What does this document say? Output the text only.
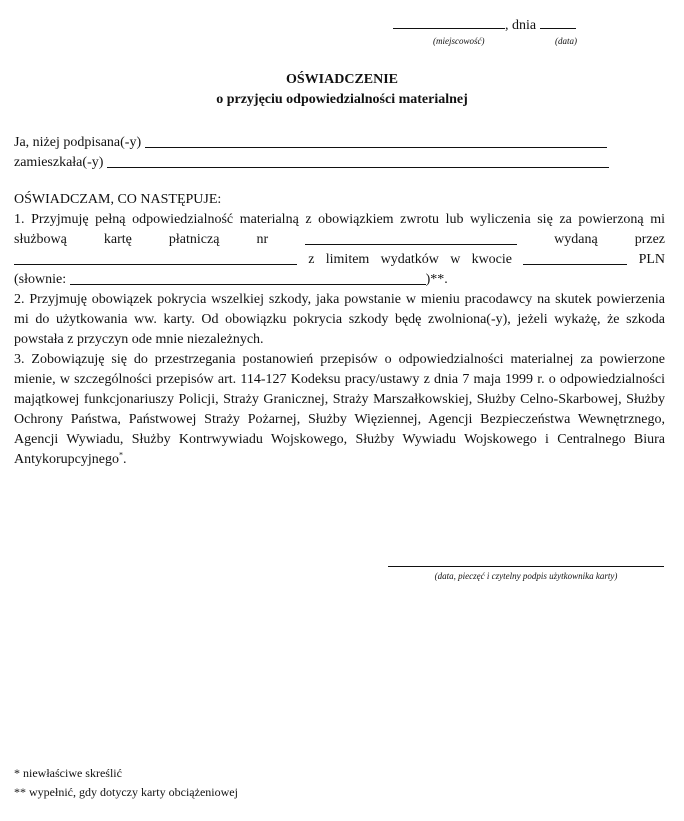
, dnia
(miejscowość)	(data)
OŚWIADCZENIE
o przyjęciu odpowiedzialności materialnej
Ja, niżej podpisana(-y)
zamieszkała(-y)
OŚWIADCZAM, CO NASTĘPUJE:
1. Przyjmuję pełną odpowiedzialność materialną z obowiązkiem zwrotu lub wyliczenia się za powierzoną mi
służbową	kartę	płatniczą	nr	wydaną	przez
z limitem wydatków w kwocie	PLN
(słownie:	)**.
2. Przyjmuję obowiązek pokrycia wszelkiej szkody, jaka powstanie w mieniu pracodawcy na skutek powierzenia mi do użytkowania ww. karty. Od obowiązku pokrycia szkody będę zwolniona(-y), jeżeli wykażę, że szkoda powstała z przyczyn ode mnie niezależnych.
3. Zobowiązuję się do przestrzegania postanowień przepisów o odpowiedzialności materialnej za powierzone mienie, w szczególności przepisów art. 114-127 Kodeksu pracy/ustawy z dnia 7 maja 1999 r. o odpowiedzialności majątkowej funkcjonariuszy Policji, Straży Granicznej, Straży Marszałkowskiej, Służby Celno-Skarbowej, Służby Ochrony Państwa, Państwowej Straży Pożarnej, Służby Więziennej, Agencji Bezpieczeństwa Wewnętrznego, Agencji Wywiadu, Służby Kontrwywiadu Wojskowego, Służby Wywiadu Wojskowego i Centralnego Biura Antykorupcyjnego*.
(data, pieczęć i czytelny podpis użytkownika karty)
* niewłaściwe skreślić
** wypełnić, gdy dotyczy karty obciążeniowej
